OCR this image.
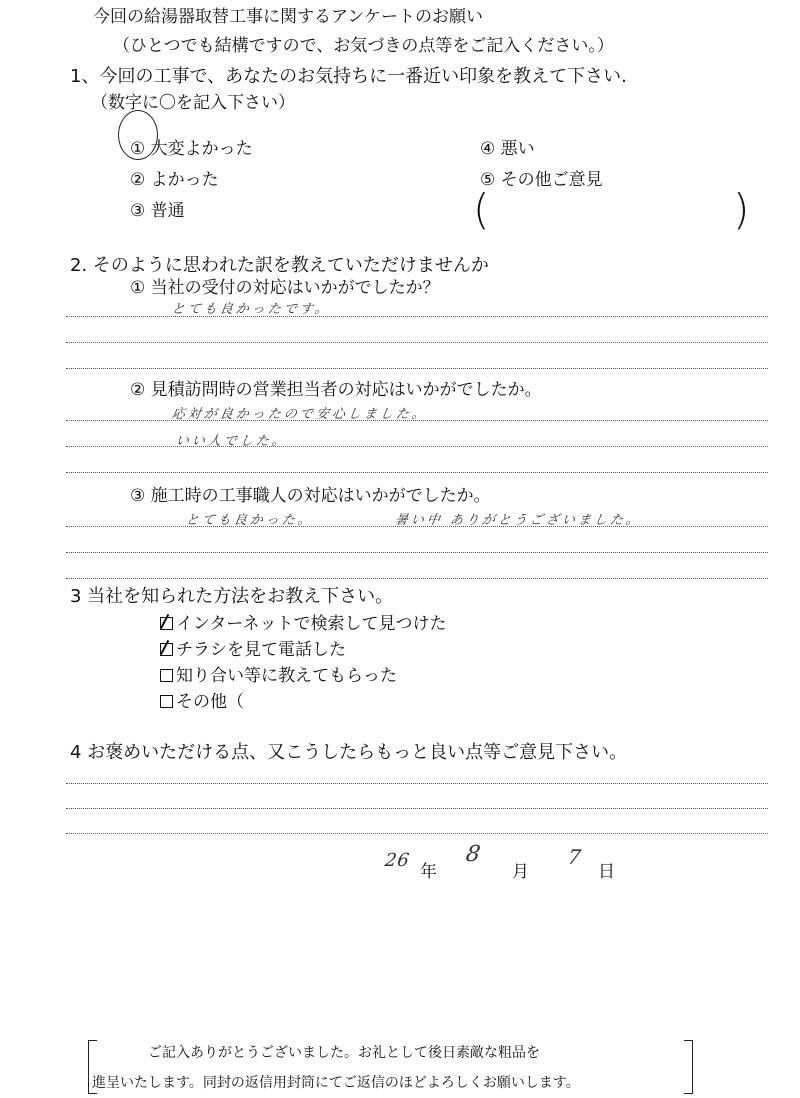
今回の給湯器取替工事に関するアンケートのお願い
（ひとつでも結構ですので、お気づきの点等をご記入ください。）
1、今回の工事で、あなたのお気持ちに一番近い印象を教えて下さい.
（数字に〇を記入下さい）
① 大変よかった
② よかった
③ 普通
④ 悪い
⑤ その他ご意見
(	)
2. そのように思われた訳を教えていただけませんか
① 当社の受付の対応はいかがでしたか？
とても良かったです。
② 見積訪問時の営業担当者の対応はいかがでしたか。
応対が良かったので安心しました。
いい人でした。
③ 施工時の工事職人の対応はいかがでしたか。
とても良かった。	暑い中 ありがとうございました。
3 当社を知られた方法をお教え下さい。
インターネットで検索して見つけた
チラシを見て電話した
知り合い等に教えてもらった
その他（
4 お褒めいただける点、又こうしたらもっと良い点等ご意見下さい。
26
年
8
月
7
日
ご記入ありがとうございました。お礼として後日素敵な粗品を
進呈いたします。同封の返信用封筒にてご返信のほどよろしくお願いします。
